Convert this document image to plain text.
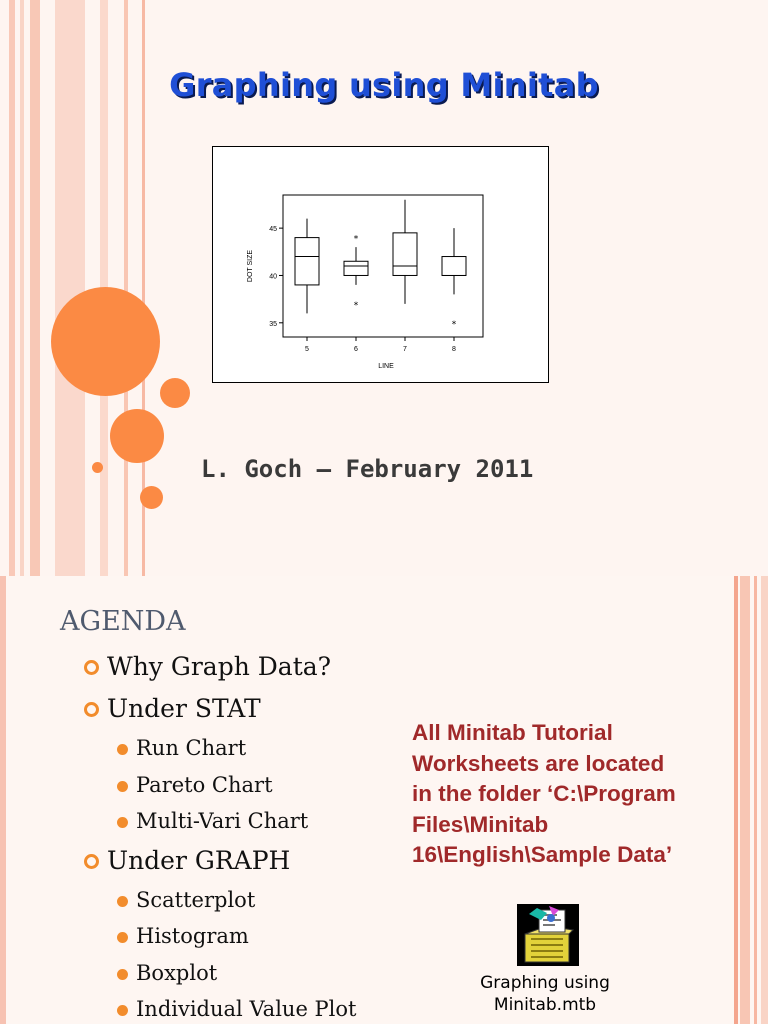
Graphing using Minitab
35
40
45
5	6	7	8
LINE
DOT SIZE
*
*
*
L. Goch – February 2011
AGENDA
Why Graph Data?
Under STAT
Run Chart
Pareto Chart
Multi-Vari Chart
Under GRAPH
Scatterplot
Histogram
Boxplot
Individual Value Plot
All Minitab Tutorial
Worksheets are located
in the folder ‘C:\Program
Files\Minitab
16\English\Sample Data’
Graphing using
Minitab.mtb
